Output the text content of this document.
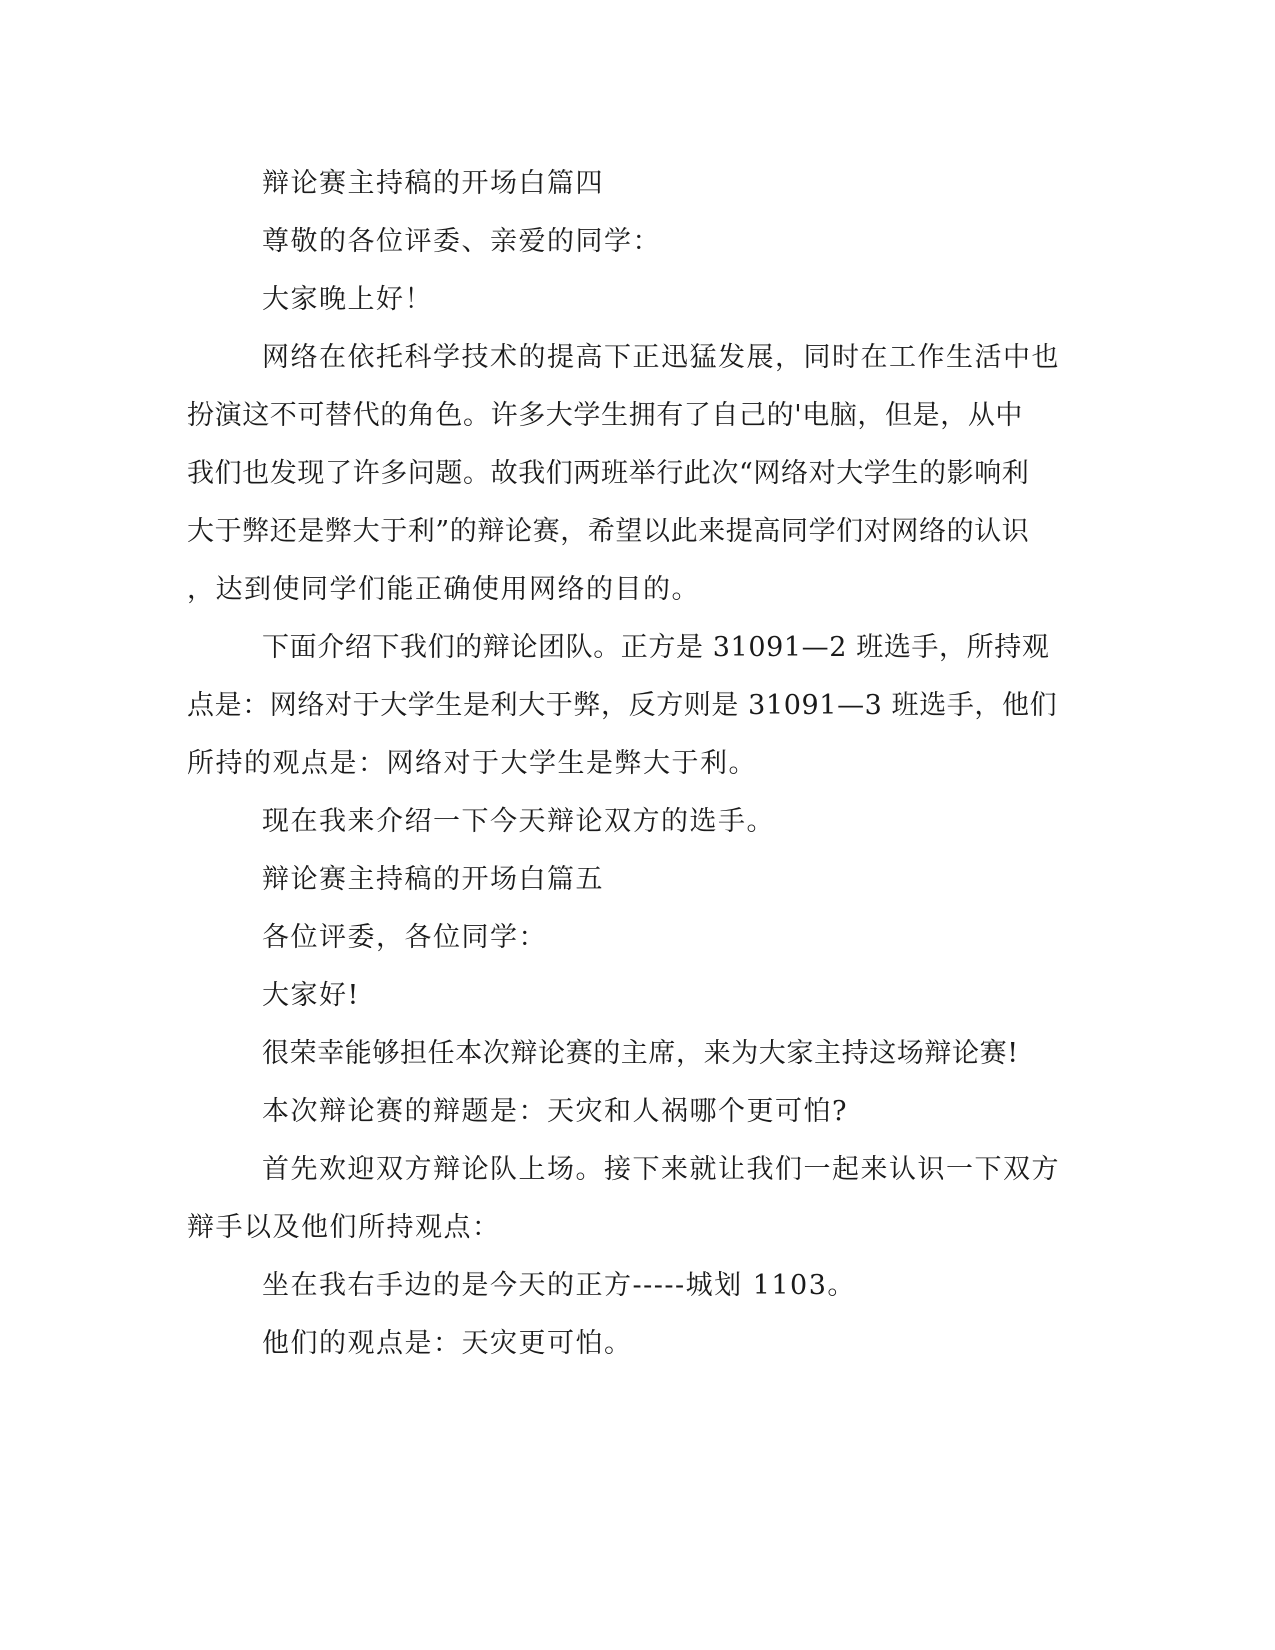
辩论赛主持稿的开场白篇四
尊敬的各位评委、亲爱的同学：
大家晚上好！
网络在依托科学技术的提高下正迅猛发展，同时在工作生活中也
扮演这不可替代的角色。许多大学生拥有了自己的'电脑，但是，从中
我们也发现了许多问题。故我们两班举行此次“网络对大学生的影响利
大于弊还是弊大于利”的辩论赛，希望以此来提高同学们对网络的认识
，达到使同学们能正确使用网络的目的。
下面介绍下我们的辩论团队。正方是 31091—2 班选手，所持观
点是：网络对于大学生是利大于弊，反方则是 31091—3 班选手，他们
所持的观点是：网络对于大学生是弊大于利。
现在我来介绍一下今天辩论双方的选手。
辩论赛主持稿的开场白篇五
各位评委，各位同学：
大家好!
很荣幸能够担任本次辩论赛的主席，来为大家主持这场辩论赛!
本次辩论赛的辩题是：天灾和人祸哪个更可怕?
首先欢迎双方辩论队上场。接下来就让我们一起来认识一下双方
辩手以及他们所持观点：
坐在我右手边的是今天的正方-----城划 1103。
他们的观点是：天灾更可怕。
